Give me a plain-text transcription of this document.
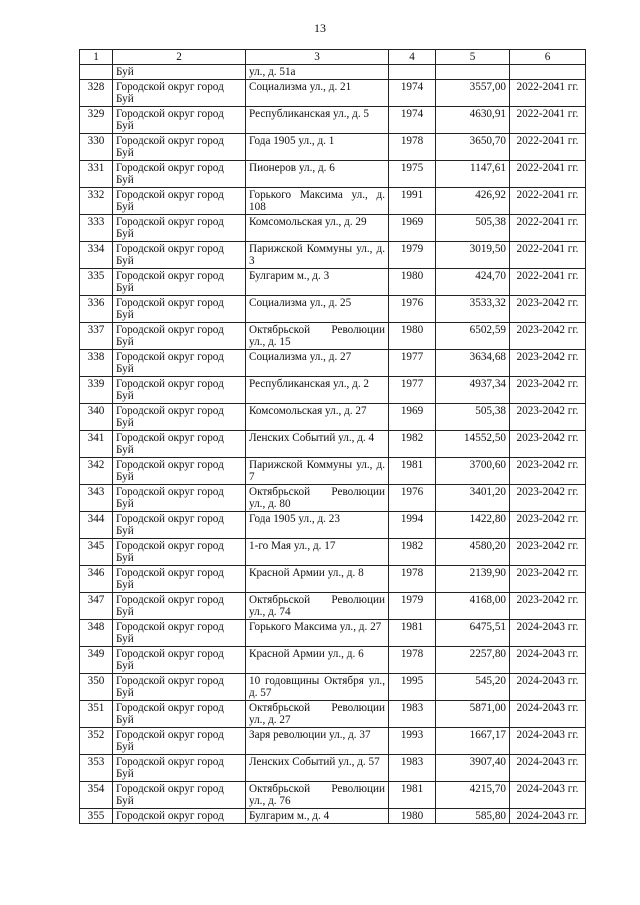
13
1	2	3	4	5	6
	Буй	ул., д. 51а			
328	Городской округ город Буй	Социализма ул., д. 21	1974	3557,00	2022-2041 гг.
329	Городской округ город Буй	Республиканская ул., д. 5	1974	4630,91	2022-2041 гг.
330	Городской округ город Буй	Года 1905 ул., д. 1	1978	3650,70	2022-2041 гг.
331	Городской округ город Буй	Пионеров ул., д. 6	1975	1147,61	2022-2041 гг.
332	Городской округ город Буй	Горького Максима ул., д. 108	1991	426,92	2022-2041 гг.
333	Городской округ город Буй	Комсомольская ул., д. 29	1969	505,38	2022-2041 гг.
334	Городской округ город Буй	Парижской Коммуны ул., д. 3	1979	3019,50	2022-2041 гг.
335	Городской округ город Буй	Булгарим м., д. 3	1980	424,70	2022-2041 гг.
336	Городской округ город Буй	Социализма ул., д. 25	1976	3533,32	2023-2042 гг.
337	Городской округ город Буй	Октябрьской Революции ул., д. 15	1980	6502,59	2023-2042 гг.
338	Городской округ город Буй	Социализма ул., д. 27	1977	3634,68	2023-2042 гг.
339	Городской округ город Буй	Республиканская ул., д. 2	1977	4937,34	2023-2042 гг.
340	Городской округ город Буй	Комсомольская ул., д. 27	1969	505,38	2023-2042 гг.
341	Городской округ город Буй	Ленских Событий ул., д. 4	1982	14552,50	2023-2042 гг.
342	Городской округ город Буй	Парижской Коммуны ул., д. 7	1981	3700,60	2023-2042 гг.
343	Городской округ город Буй	Октябрьской Революции ул., д. 80	1976	3401,20	2023-2042 гг.
344	Городской округ город Буй	Года 1905 ул., д. 23	1994	1422,80	2023-2042 гг.
345	Городской округ город Буй	1-го Мая ул., д. 17	1982	4580,20	2023-2042 гг.
346	Городской округ город Буй	Красной Армии ул., д. 8	1978	2139,90	2023-2042 гг.
347	Городской округ город Буй	Октябрьской Революции ул., д. 74	1979	4168,00	2023-2042 гг.
348	Городской округ город Буй	Горького Максима ул., д. 27	1981	6475,51	2024-2043 гг.
349	Городской округ город Буй	Красной Армии ул., д. 6	1978	2257,80	2024-2043 гг.
350	Городской округ город Буй	10 годовщины Октября ул., д. 57	1995	545,20	2024-2043 гг.
351	Городской округ город Буй	Октябрьской Революции ул., д. 27	1983	5871,00	2024-2043 гг.
352	Городской округ город Буй	Заря революции ул., д. 37	1993	1667,17	2024-2043 гг.
353	Городской округ город Буй	Ленских Событий ул., д. 57	1983	3907,40	2024-2043 гг.
354	Городской округ город Буй	Октябрьской Революции ул., д. 76	1981	4215,70	2024-2043 гг.
355	Городской округ город	Булгарим м., д. 4	1980	585,80	2024-2043 гг.
